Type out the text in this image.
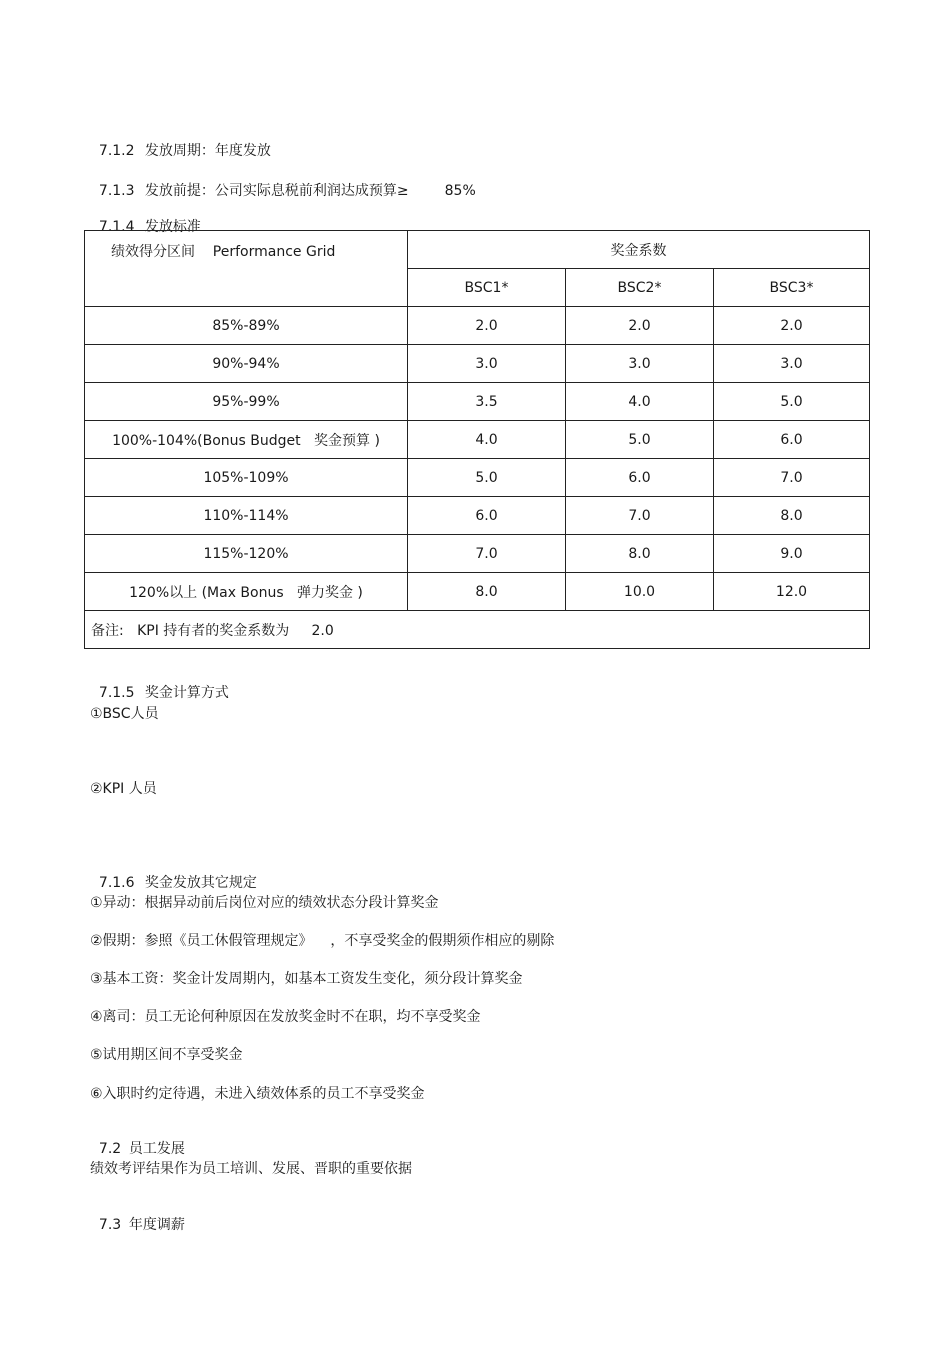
7.1.2 发放周期：年度发放

7.1.3 发放前提：公司实际息税前利润达成预算≥	85%

7.1.4 发放标准

绩效得分区间    Performance Grid	奖金系数		
	BSC1*	BSC2*	BSC3*
85%-89%	2.0	2.0	2.0
90%-94%	3.0	3.0	3.0
95%-99%	3.5	4.0	5.0
100%-104%(Bonus Budget   奖金预算 )	4.0	5.0	6.0
105%-109%	5.0	6.0	7.0
110%-114%	6.0	7.0	8.0
115%-120%	7.0	8.0	9.0
120%以上 (Max Bonus   弹力奖金 )	8.0	10.0	12.0
备注:   KPI 持有者的奖金系数为     2.0			

7.1.5 奖金计算方式

①BSC人员
②KPI 人员

7.1.6 奖金发放其它规定

①异动：根据异动前后岗位对应的绩效状态分段计算奖金
②假期：参照《员工休假管理规定》    ，不享受奖金的假期须作相应的剔除
③基本工资：奖金计发周期内，如基本工资发生变化，须分段计算奖金
④离司：员工无论何种原因在发放奖金时不在职，均不享受奖金
⑤试用期区间不享受奖金
⑥入职时约定待遇，未进入绩效体系的员工不享受奖金

7.2 员工发展

绩效考评结果作为员工培训、发展、晋职的重要依据

7.3 年度调薪
